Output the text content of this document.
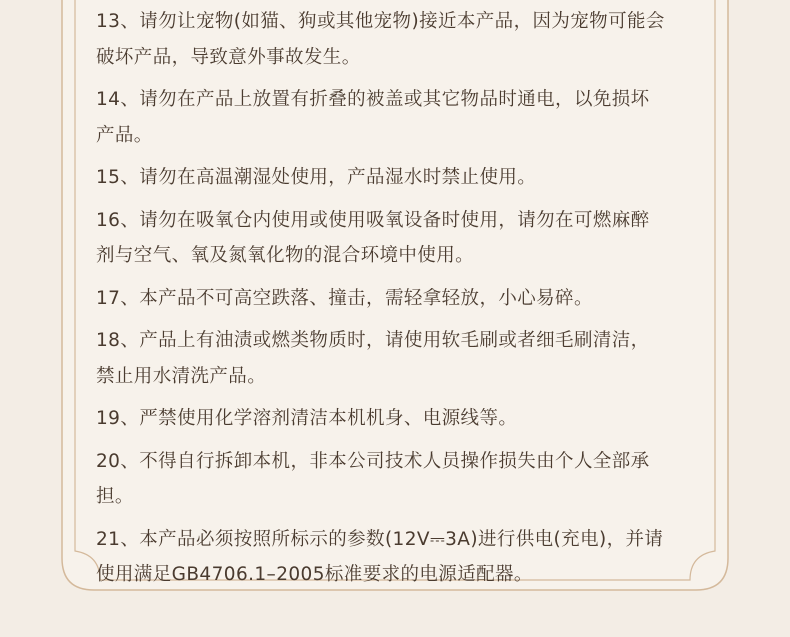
13、请勿让宠物(如猫、狗或其他宠物)接近本产品，因为宠物可能会
破坏产品，导致意外事故发生。
14、请勿在产品上放置有折叠的被盖或其它物品时通电，以免损坏
产品。
15、请勿在高温潮湿处使用，产品湿水时禁止使用。
16、请勿在吸氧仓内使用或使用吸氧设备时使用，请勿在可燃麻醉
剂与空气、氧及氮氧化物的混合环境中使用。
17、本产品不可高空跌落、撞击，需轻拿轻放，小心易碎。
18、产品上有油渍或燃类物质时，请使用软毛刷或者细毛刷清洁，
禁止用水清洗产品。
19、严禁使用化学溶剂清洁本机机身、电源线等。
20、不得自行拆卸本机，非本公司技术人员操作损失由个人全部承
担。
21、本产品必须按照所标示的参数(12V⎓3A)进行供电(充电)，并请
使用满足GB4706.1–2005标准要求的电源适配器。
